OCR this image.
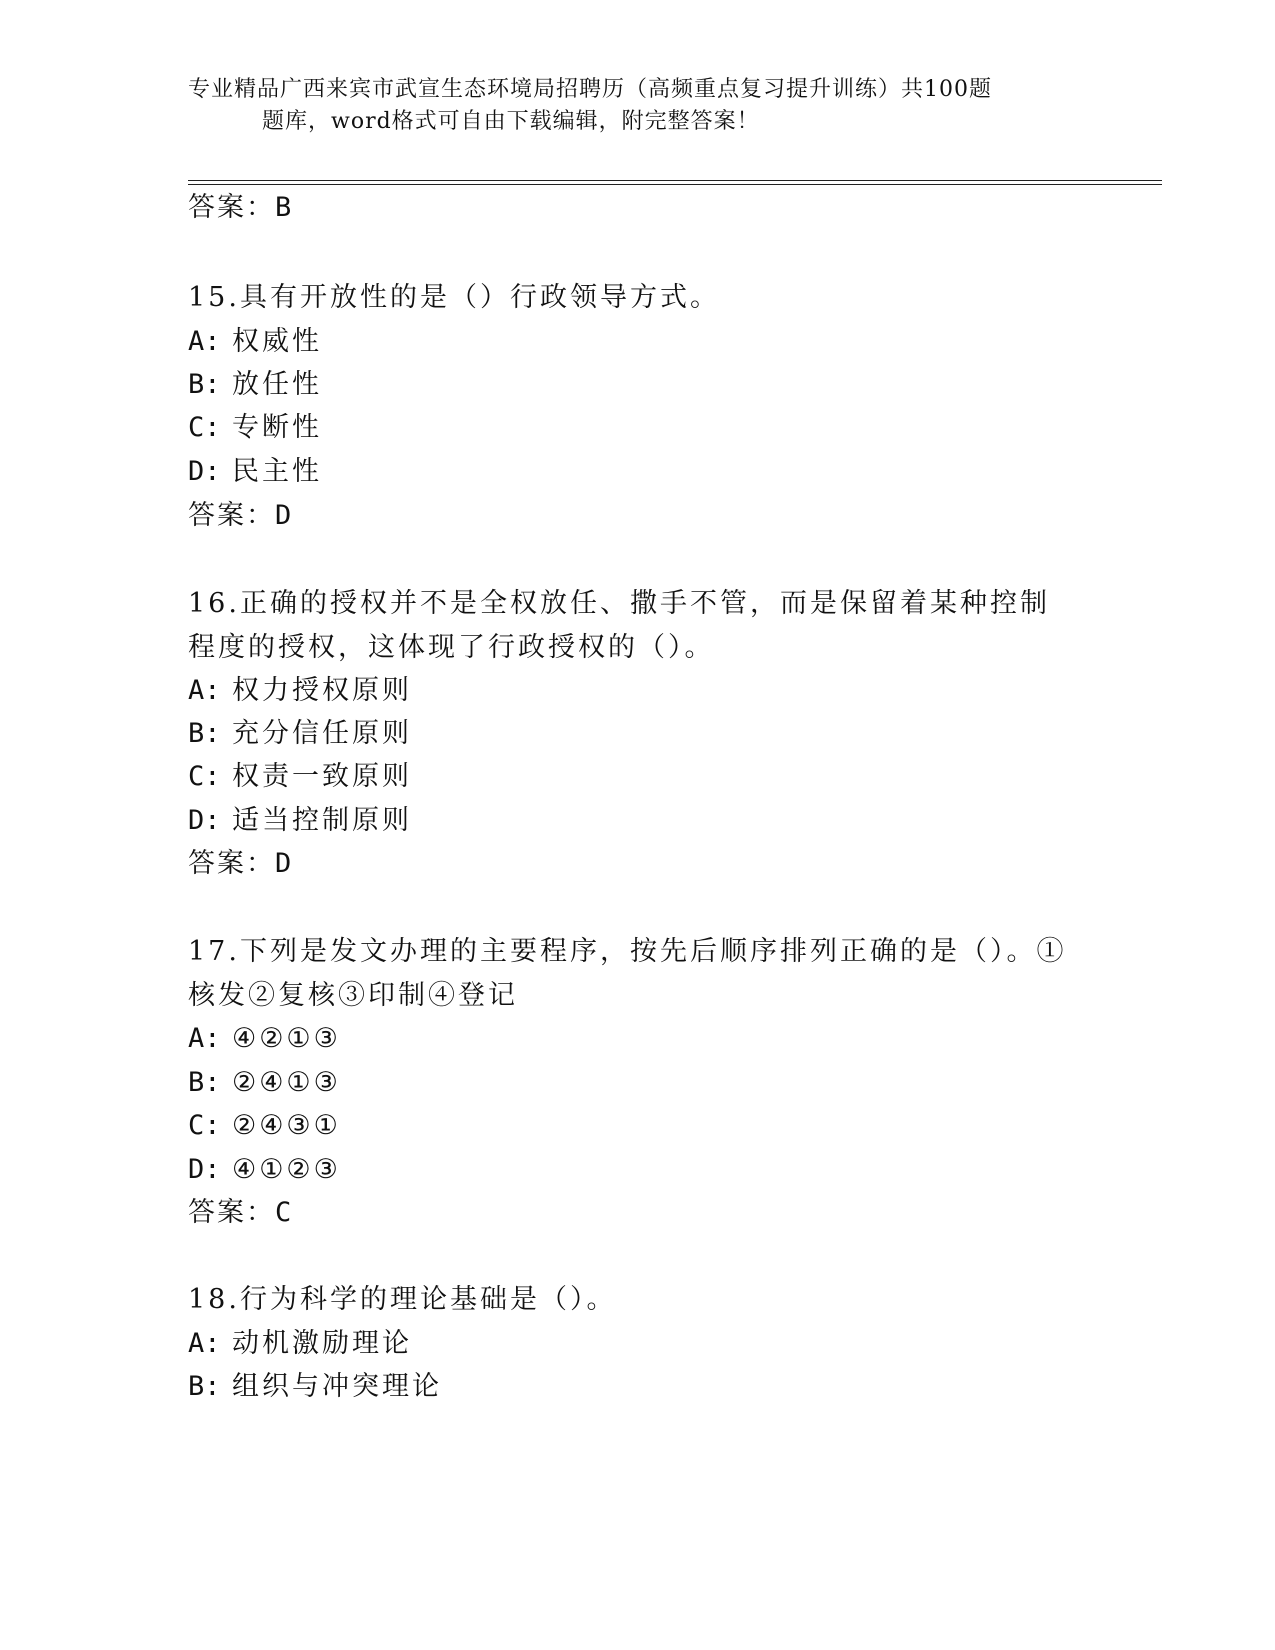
专业精品广西来宾市武宣生态环境局招聘历（高频重点复习提升训练）共100题
题库，word格式可自由下载编辑，附完整答案！
答案：B
15.具有开放性的是（）行政领导方式。
A: 权威性
B: 放任性
C: 专断性
D: 民主性
答案：D
16.正确的授权并不是全权放任、撒手不管，而是保留着某种控制程度的授权，这体现了行政授权的（）。
A: 权力授权原则
B: 充分信任原则
C: 权责一致原则
D: 适当控制原则
答案：D
17.下列是发文办理的主要程序，按先后顺序排列正确的是（）。①核发②复核③印制④登记
A: ④②①③
B: ②④①③
C: ②④③①
D: ④①②③
答案：C
18.行为科学的理论基础是（）。
A: 动机激励理论
B: 组织与冲突理论
